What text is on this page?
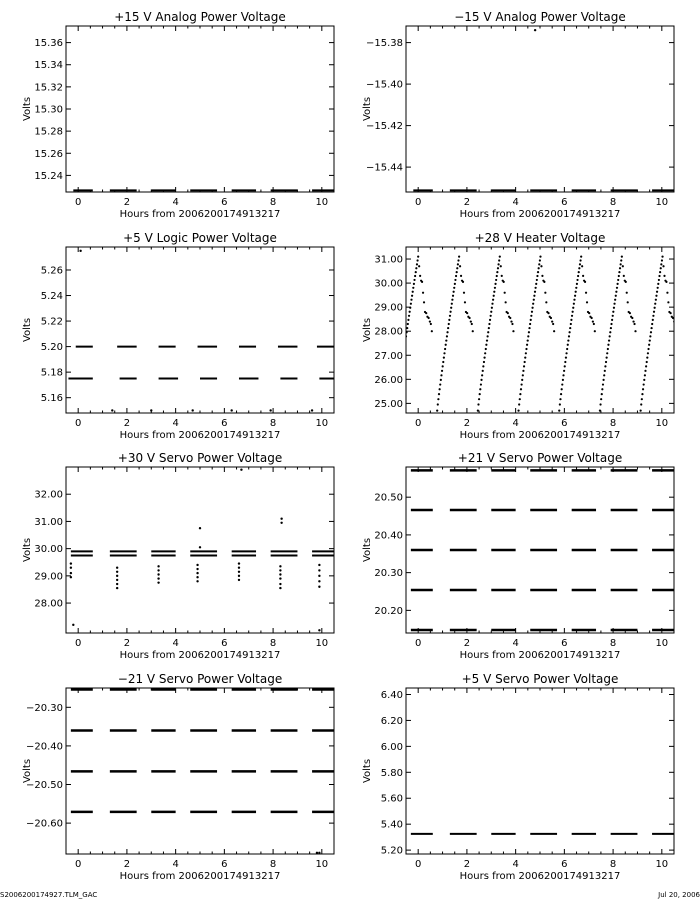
+15 V Analog Power Voltage
0	2	4	6	8	10
15.24
15.26
15.28
15.30
15.32
15.34
15.36
Hours from 2006200174913217
Volts
−15 V Analog Power Voltage
0	2	4	6	8	10
−15.44
−15.42
−15.40
−15.38
Hours from 2006200174913217
Volts
+5 V Logic Power Voltage
0	2	4	6	8	10
5.16
5.18
5.20
5.22
5.24
5.26
Hours from 2006200174913217
Volts
+28 V Heater Voltage
0	2	4	6	8	10
25.00
26.00
27.00
28.00
29.00
30.00
31.00
Hours from 2006200174913217
Volts
+30 V Servo Power Voltage
0	2	4	6	8	10
28.00
29.00
30.00
31.00
32.00
Hours from 2006200174913217
Volts
+21 V Servo Power Voltage
0	2	4	6	8	10
20.20
20.30
20.40
20.50
Hours from 2006200174913217
Volts
−21 V Servo Power Voltage
0	2	4	6	8	10
−20.60
−20.50
−20.40
−20.30
Hours from 2006200174913217
Volts
+5 V Servo Power Voltage
0	2	4	6	8	10
5.20
5.40
5.60
5.80
6.00
6.20
6.40
Hours from 2006200174913217
Volts
S2006200174927.TLM_GAC	Jul 20, 2006
